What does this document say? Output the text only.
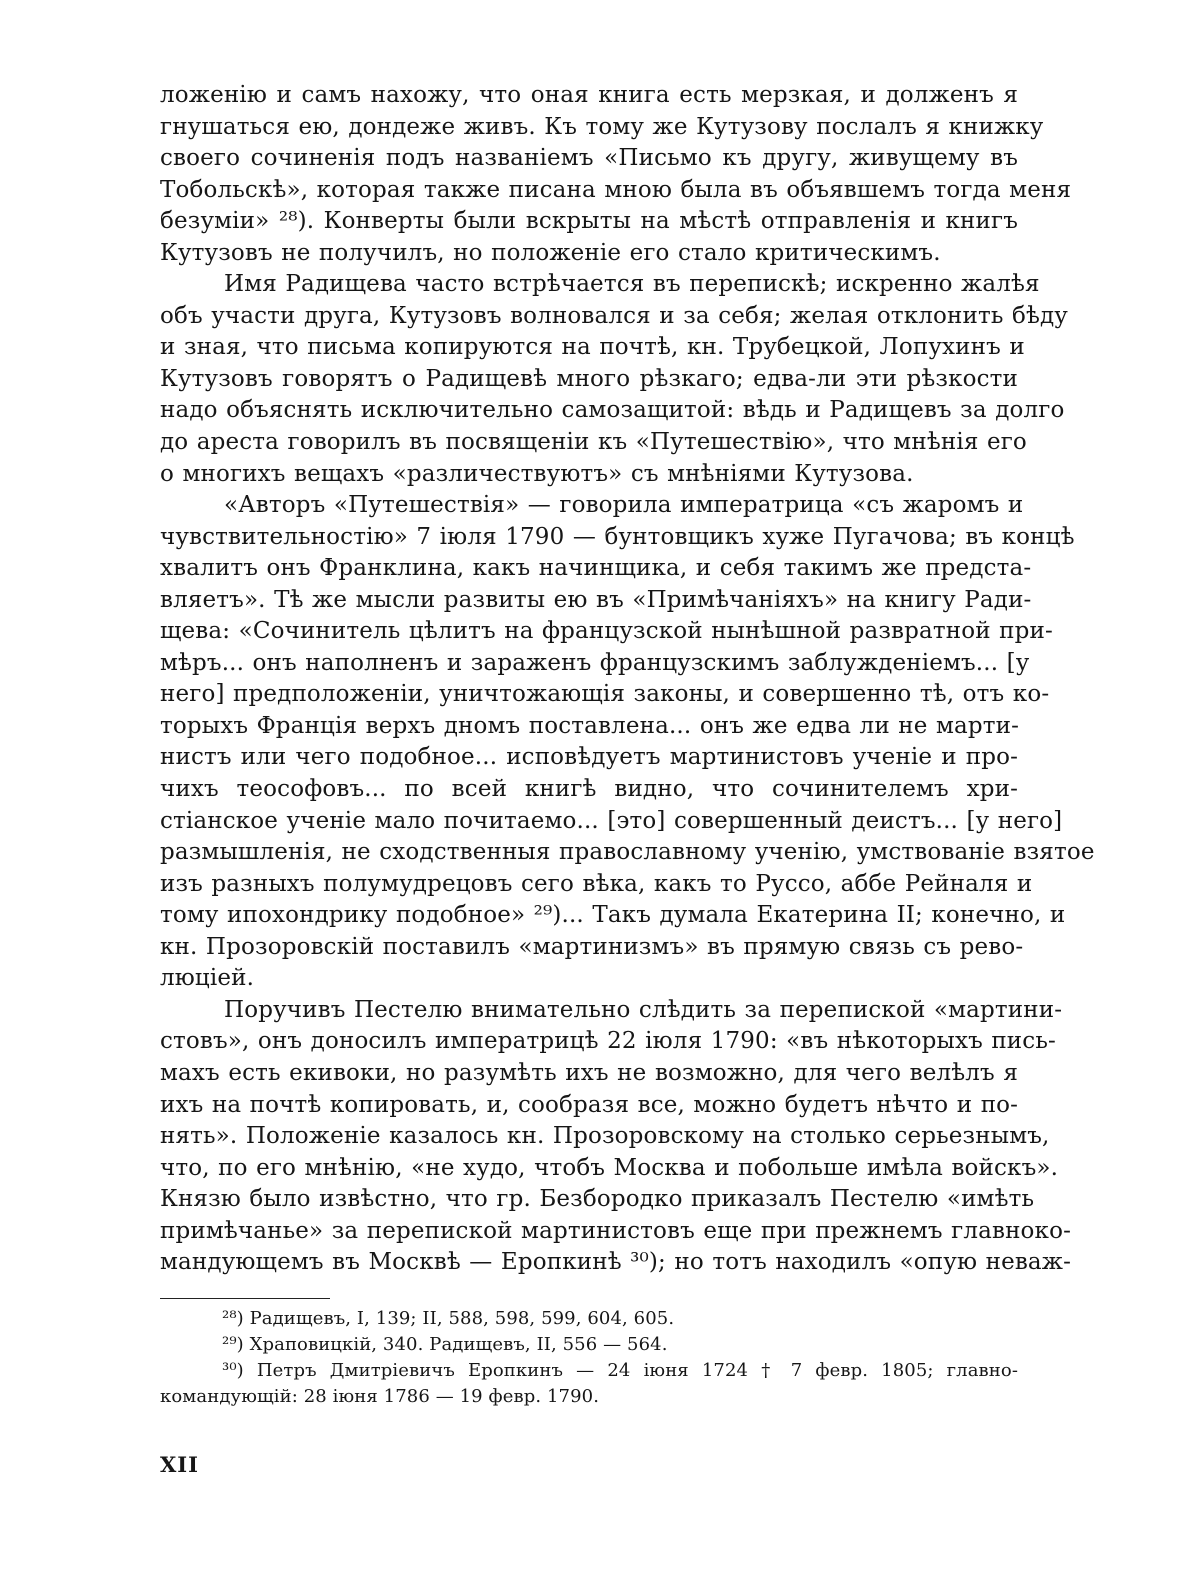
ложенію и самъ нахожу, что оная книга есть мерзкая, и долженъ я
гнушаться ею, дондеже живъ. Къ тому же Кутузову послалъ я книжку
своего сочиненія подъ названіемъ «Письмо къ другу, живущему въ
Тобольскѣ», которая также писана мною была въ объявшемъ тогда меня
безуміи» ²⁸). Конверты были вскрыты на мѣстѣ отправленія и книгъ
Кутузовъ не получилъ, но положеніе его стало критическимъ.
Имя Радищева часто встрѣчается въ перепискѣ; искренно жалѣя
объ участи друга, Кутузовъ волновался и за себя; желая отклонить бѣду
и зная, что письма копируются на почтѣ, кн. Трубецкой, Лопухинъ и
Кутузовъ говорятъ о Радищевѣ много рѣзкаго; едва-ли эти рѣзкости
надо объяснять исключительно самозащитой: вѣдь и Радищевъ за долго
до ареста говорилъ въ посвященіи къ «Путешествію», что мнѣнія его
о многихъ вещахъ «различествуютъ» съ мнѣніями Кутузова.
«Авторъ «Путешествія» — говорила императрица «съ жаромъ и
чувствительностію» 7 іюля 1790 — бунтовщикъ хуже Пугачова; въ концѣ
хвалитъ онъ Франклина, какъ начинщика, и себя такимъ же предста-
вляетъ». Тѣ же мысли развиты ею въ «Примѣчаніяхъ» на книгу Ради-
щева: «Сочинитель цѣлитъ на французской нынѣшной развратной при-
мѣръ... онъ наполненъ и зараженъ французскимъ заблужденіемъ... [у
него] предположеніи, уничтожающія законы, и совершенно тѣ, отъ ко-
торыхъ Франція верхъ дномъ поставлена... онъ же едва ли не марти-
нистъ или чего подобное... исповѣдуетъ мартинистовъ ученіе и про-
чихъ теософовъ... по всей книгѣ видно, что сочинителемъ хри-
стіанское ученіе мало почитаемо... [это] совершенный деистъ... [у него]
размышленія, не сходственныя православному ученію, умствованіе взятое
изъ разныхъ полумудрецовъ сего вѣка, какъ то Руссо, аббе Рейналя и
тому ипохондрику подобное» ²⁹)... Такъ думала Екатерина II; конечно, и
кн. Прозоровскій поставилъ «мартинизмъ» въ прямую связь съ рево-
люціей.
Поручивъ Пестелю внимательно слѣдить за перепиской «мартини-
стовъ», онъ доносилъ императрицѣ 22 іюля 1790: «въ нѣкоторыхъ пись-
махъ есть екивоки, но разумѣть ихъ не возможно, для чего велѣлъ я
ихъ на почтѣ копировать, и, сообразя все, можно будетъ нѣчто и по-
нять». Положеніе казалось кн. Прозоровскому на столько серьезнымъ,
что, по его мнѣнію, «не худо, чтобъ Москва и побольше имѣла войскъ».
Князю было извѣстно, что гр. Безбородко приказалъ Пестелю «имѣть
примѣчанье» за перепиской мартинистовъ еще при прежнемъ главноко-
мандующемъ въ Москвѣ — Еропкинѣ ³⁰); но тотъ находилъ «опую неваж-
²⁸) Радищевъ, I, 139; II, 588, 598, 599, 604, 605.
²⁹) Храповицкій, 340. Радищевъ, II, 556 — 564.
³⁰) Петръ Дмитріевичъ Еропкинъ — 24 іюня 1724 † 7 февр. 1805; главно-
командующій: 28 іюня 1786 — 19 февр. 1790.
XII
